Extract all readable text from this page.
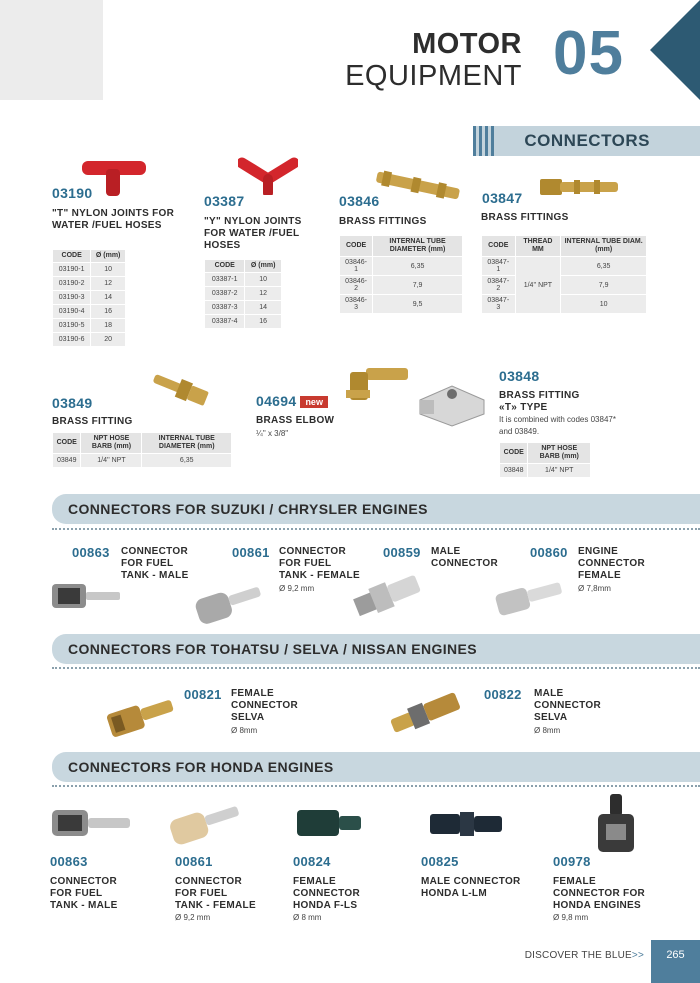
MOTOR
EQUIPMENT 05
CONNECTORS
03190
"T" NYLON JOINTS FOR
WATER /FUEL HOSES
CODE	Ø (mm)
03190-1	10
03190-2	12
03190-3	14
03190-4	16
03190-5	18
03190-6	20
03387
"Y" NYLON JOINTS
FOR WATER /FUEL
HOSES
CODE	Ø (mm)
03387-1	10
03387-2	12
03387-3	14
03387-4	16
03846
BRASS FITTINGS
CODE	INTERNAL TUBE DIAMETER (mm)
03846-1	6,35
03846-2	7,9
03846-3	9,5
03847
BRASS FITTINGS
CODE	THREAD MM	INTERNAL TUBE DIAM. (mm)
03847-1	1/4'' NPT	6,35
03847-2		7,9
03847-3		10
03849
BRASS FITTING
CODE	NPT HOSE BARB (mm)	INTERNAL TUBE DIAMETER (mm)
03849	1/4'' NPT	6,35
04694 new
BRASS ELBOW
¼'' x 3/8''
03848
BRASS FITTING
«T» TYPE
It is combined with codes 03847*
and 03849.
CODE	NPT HOSE BARB (mm)
03848	1/4'' NPT
CONNECTORS FOR SUZUKI / CHRYSLER ENGINES
00863 CONNECTOR
FOR FUEL
TANK - MALE
00861 CONNECTOR
FOR FUEL
TANK - FEMALE
Ø 9,2 mm
00859 MALE
CONNECTOR
00860 ENGINE
CONNECTOR
FEMALE
Ø 7,8mm
CONNECTORS FOR TOHATSU / SELVA / NISSAN ENGINES
00821 FEMALE
CONNECTOR
SELVA
Ø 8mm
00822 MALE
CONNECTOR
SELVA
Ø 8mm
CONNECTORS FOR HONDA ENGINES
00863
CONNECTOR
FOR FUEL
TANK - MALE
00861
CONNECTOR
FOR FUEL
TANK - FEMALE
Ø 9,2 mm
00824
FEMALE
CONNECTOR
HONDA F-LS
Ø 8 mm
00825
MALE CONNECTOR
HONDA L-LM
00978
FEMALE
CONNECTOR FOR
HONDA ENGINES
Ø 9,8 mm
DISCOVER THE BLUE>>	265
